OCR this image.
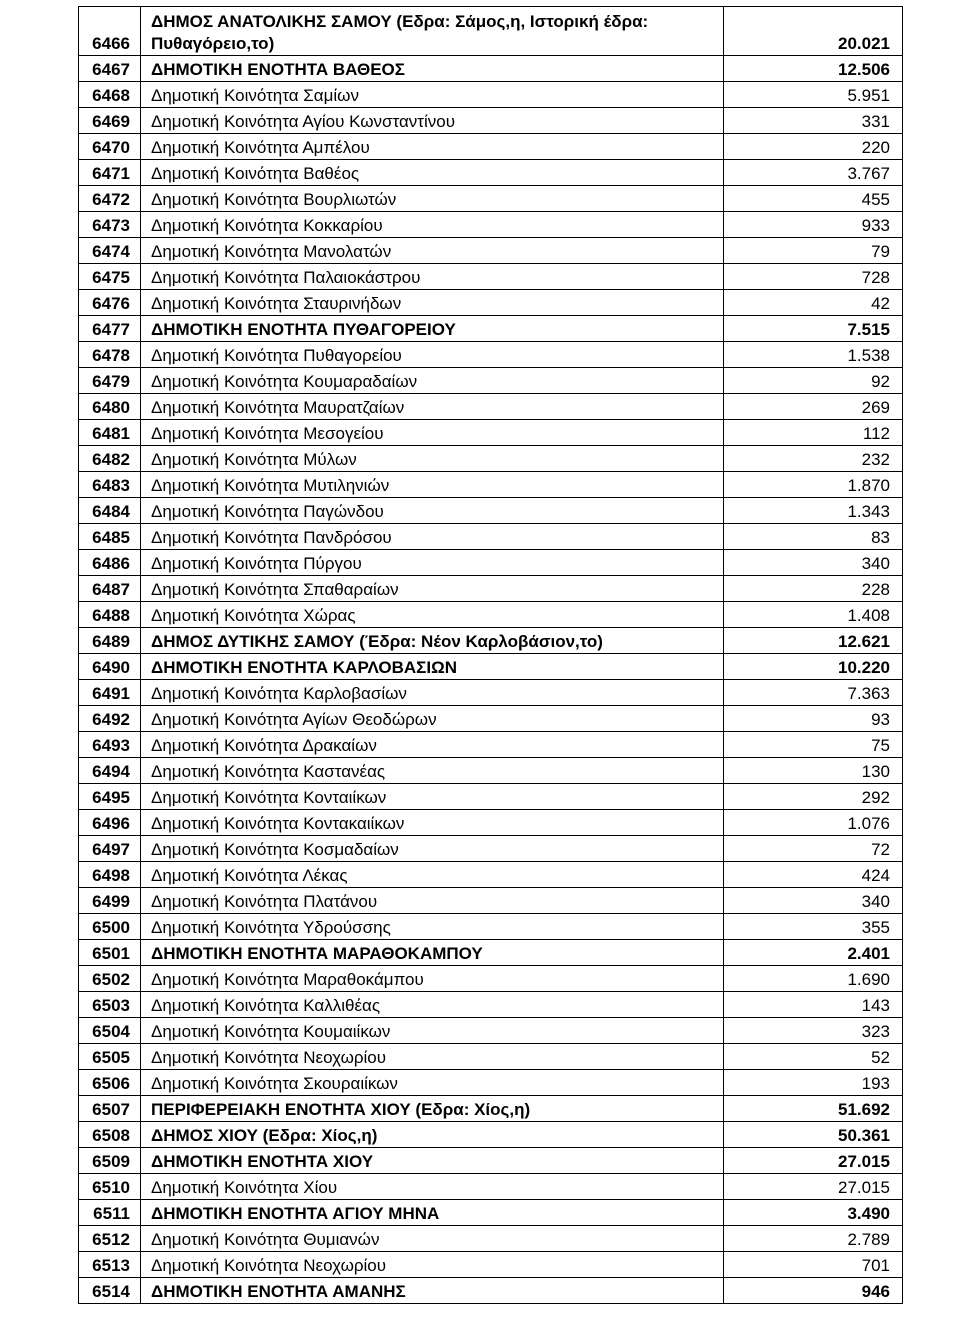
6466	ΔΗΜΟΣ ΑΝΑΤΟΛΙΚΗΣ ΣΑΜΟΥ (Εδρα: Σάμος,η, Ιστορική έδρα: Πυθαγόρειο,το)	20.021
6467	ΔΗΜΟΤΙΚΗ ΕΝΟΤΗΤΑ ΒΑΘΕΟΣ	12.506
6468	Δημοτική Κοινότητα Σαμίων	5.951
6469	Δημοτική Κοινότητα Αγίου Κωνσταντίνου	331
6470	Δημοτική Κοινότητα Αμπέλου	220
6471	Δημοτική Κοινότητα Βαθέος	3.767
6472	Δημοτική Κοινότητα Βουρλιωτών	455
6473	Δημοτική Κοινότητα Κοκκαρίου	933
6474	Δημοτική Κοινότητα Μανολατών	79
6475	Δημοτική Κοινότητα Παλαιοκάστρου	728
6476	Δημοτική Κοινότητα Σταυρινήδων	42
6477	ΔΗΜΟΤΙΚΗ ΕΝΟΤΗΤΑ ΠΥΘΑΓΟΡΕΙΟΥ	7.515
6478	Δημοτική Κοινότητα Πυθαγορείου	1.538
6479	Δημοτική Κοινότητα Κουμαραδαίων	92
6480	Δημοτική Κοινότητα Μαυρατζαίων	269
6481	Δημοτική Κοινότητα Μεσογείου	112
6482	Δημοτική Κοινότητα Μύλων	232
6483	Δημοτική Κοινότητα Μυτιληνιών	1.870
6484	Δημοτική Κοινότητα Παγώνδου	1.343
6485	Δημοτική Κοινότητα Πανδρόσου	83
6486	Δημοτική Κοινότητα Πύργου	340
6487	Δημοτική Κοινότητα Σπαθαραίων	228
6488	Δημοτική Κοινότητα Χώρας	1.408
6489	ΔΗΜΟΣ ΔΥΤΙΚΗΣ ΣΑΜΟΥ (Έδρα: Νέον Καρλοβάσιον,το)	12.621
6490	ΔΗΜΟΤΙΚΗ ΕΝΟΤΗΤΑ ΚΑΡΛΟΒΑΣΙΩΝ	10.220
6491	Δημοτική Κοινότητα Καρλοβασίων	7.363
6492	Δημοτική Κοινότητα Αγίων Θεοδώρων	93
6493	Δημοτική Κοινότητα Δρακαίων	75
6494	Δημοτική Κοινότητα Καστανέας	130
6495	Δημοτική Κοινότητα Κονταιίκων	292
6496	Δημοτική Κοινότητα Κοντακαιίκων	1.076
6497	Δημοτική Κοινότητα Κοσμαδαίων	72
6498	Δημοτική Κοινότητα Λέκας	424
6499	Δημοτική Κοινότητα Πλατάνου	340
6500	Δημοτική Κοινότητα Υδρούσσης	355
6501	ΔΗΜΟΤΙΚΗ ΕΝΟΤΗΤΑ ΜΑΡΑΘΟΚΑΜΠΟΥ	2.401
6502	Δημοτική Κοινότητα Μαραθοκάμπου	1.690
6503	Δημοτική Κοινότητα Καλλιθέας	143
6504	Δημοτική Κοινότητα Κουμαιίκων	323
6505	Δημοτική Κοινότητα Νεοχωρίου	52
6506	Δημοτική Κοινότητα Σκουραιίκων	193
6507	ΠΕΡΙΦΕΡΕΙΑΚΗ ΕΝΟΤΗΤΑ ΧΙΟΥ (Εδρα: Χίος,η)	51.692
6508	ΔΗΜΟΣ ΧΙΟΥ (Εδρα: Χίος,η)	50.361
6509	ΔΗΜΟΤΙΚΗ ΕΝΟΤΗΤΑ ΧΙΟΥ	27.015
6510	Δημοτική Κοινότητα Χίου	27.015
6511	ΔΗΜΟΤΙΚΗ ΕΝΟΤΗΤΑ ΑΓΙΟΥ ΜΗΝΑ	3.490
6512	Δημοτική Κοινότητα Θυμιανών	2.789
6513	Δημοτική Κοινότητα Νεοχωρίου	701
6514	ΔΗΜΟΤΙΚΗ ΕΝΟΤΗΤΑ ΑΜΑΝΗΣ	946
